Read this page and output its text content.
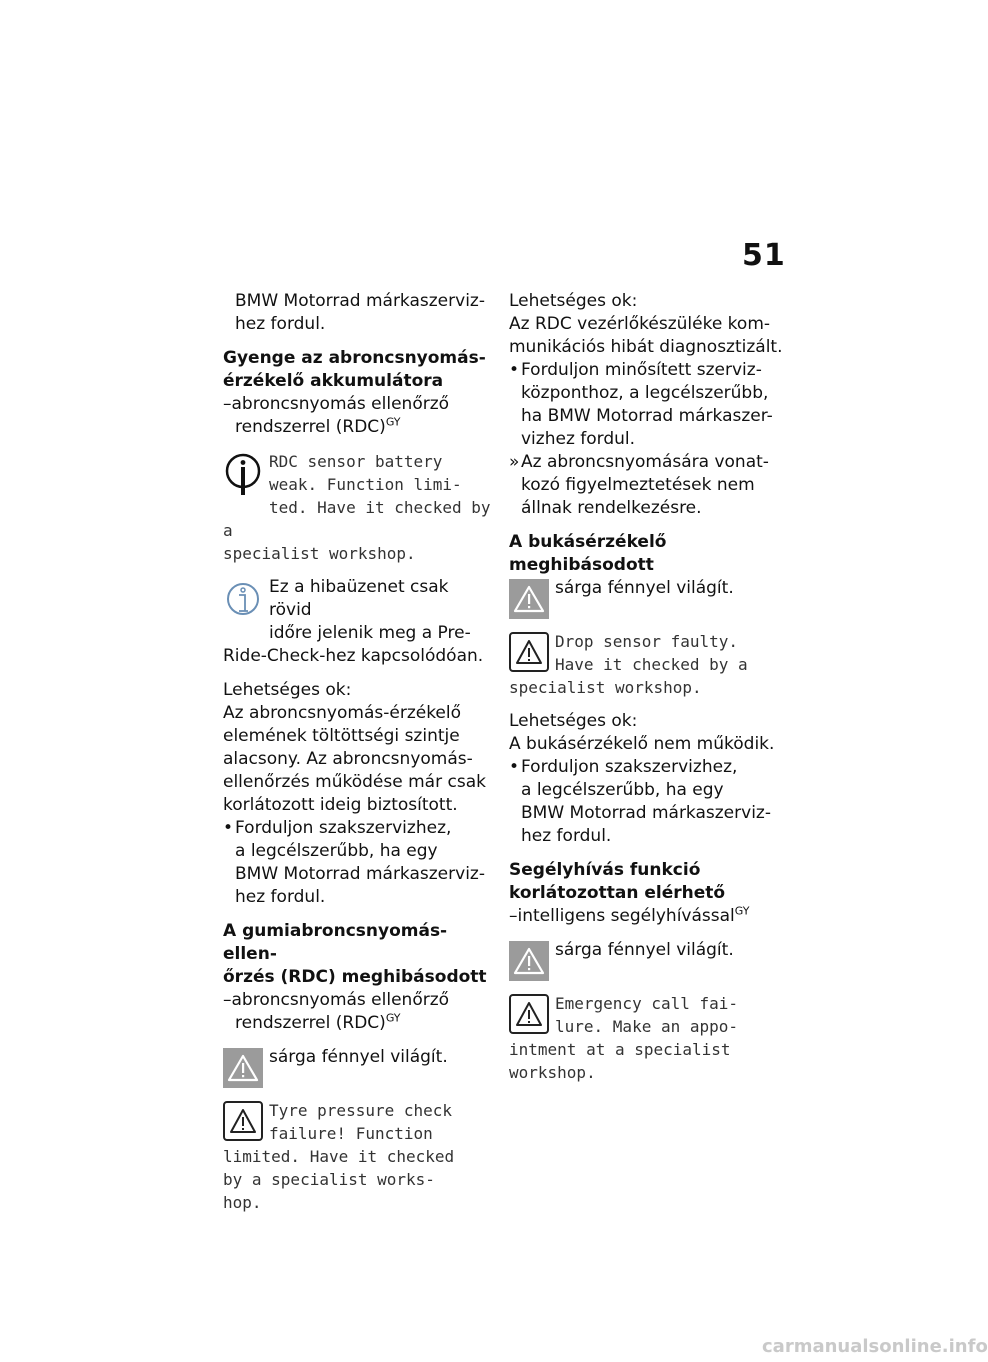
51

BMW Motorrad márkaszerviz-

hez fordul.

Gyenge az abroncsnyomás-

érzékelő akkumulátora

–abroncsnyomás ellenőrző

rendszerrel (RDC)$^{GY}$

RDC sensor battery
weak. Function limi-
ted. Have it checked by a
specialist workshop.
Ez a hibaüzenet csak rövid
időre jelenik meg a Pre-
Ride-Check-hez kapcsolódóan.

Lehetséges ok:

Az abroncsnyomás-érzékelő

elemének töltöttségi szintje

alacsony. Az abroncsnyomás-

ellenőrzés működése már csak

korlátozott ideig biztosított.

• Forduljon szakszervizhez,
a legcélszerűbb, ha egy
BMW Motorrad márkaszerviz-
hez fordul.

A gumiabroncsnyomás-ellen-

őrzés (RDC) meghibásodott

–abroncsnyomás ellenőrző

rendszerrel (RDC)$^{GY}$

sárga fénnyel világít.
Tyre pressure check
failure! Function
limited. Have it checked
by a specialist works-
hop.

Lehetséges ok:

Az RDC vezérlőkészüléke kom-

munikációs hibát diagnosztizált.

• Forduljon minősített szerviz-
központhoz, a legcélszerűbb,
ha BMW Motorrad márkaszer-
vizhez fordul.
» Az abroncsnyomására vonat-
kozó figyelmeztetések nem
állnak rendelkezésre.

A bukásérzékelő

meghibásodott

sárga fénnyel világít.
Drop sensor faulty.
Have it checked by a
specialist workshop.

Lehetséges ok:

A bukásérzékelő nem működik.

• Forduljon szakszervizhez,
a legcélszerűbb, ha egy
BMW Motorrad márkaszerviz-
hez fordul.

Segélyhívás funkció

korlátozottan elérhető

–intelligens segélyhívással$^{GY}$

sárga fénnyel világít.
Emergency call fai-
lure. Make an appo-
intment at a specialist
workshop.
carmanualsonline.info
